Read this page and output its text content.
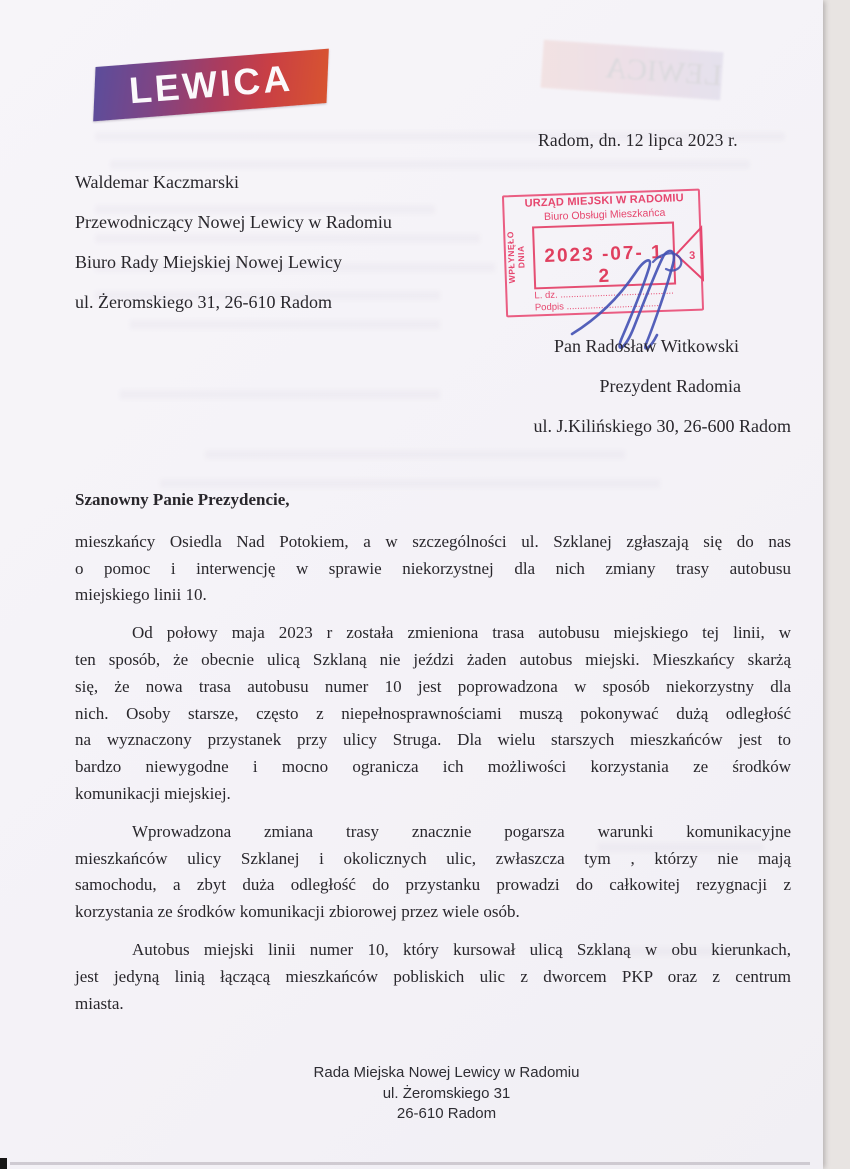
LEWICA
LEWICA
Radom, dn. 12 lipca 2023 r.
Waldemar Kaczmarski
Przewodniczący Nowej Lewicy w Radomiu
Biuro Rady Miejskiej Nowej Lewicy
ul. Żeromskiego 31, 26-610 Radom
URZĄD MIEJSKI W RADOMIU
Biuro Obsługi Mieszkańca
WPŁYNĘŁO
DNIA 2023 -07- 1 2
3
L. dz. ...........................................
Podpis ....................................
Pan Radosław Witkowski
Prezydent Radomia
ul. J.Kilińskiego 30, 26-600 Radom
Szanowny Panie Prezydencie,
mieszkańcy Osiedla Nad Potokiem, a w szczególności ul. Szklanej zgłaszają się do nas
o pomoc i interwencję w sprawie niekorzystnej dla nich zmiany trasy autobusu
miejskiego linii 10.
Od połowy maja 2023 r została zmieniona trasa autobusu miejskiego tej linii, w
ten sposób, że obecnie ulicą Szklaną nie jeździ żaden autobus miejski. Mieszkańcy skarżą
się, że nowa trasa autobusu numer 10 jest poprowadzona w sposób niekorzystny dla
nich. Osoby starsze, często z niepełnosprawnościami muszą pokonywać dużą odległość
na wyznaczony przystanek przy ulicy Struga. Dla wielu starszych mieszkańców jest to
bardzo niewygodne i mocno ogranicza ich możliwości korzystania ze środków
komunikacji miejskiej.
Wprowadzona zmiana trasy znacznie pogarsza warunki komunikacyjne
mieszkańców ulicy Szklanej i okolicznych ulic, zwłaszcza tym , którzy nie mają
samochodu, a zbyt duża odległość do przystanku prowadzi do całkowitej rezygnacji z
korzystania ze środków komunikacji zbiorowej przez wiele osób.
Autobus miejski linii numer 10, który kursował ulicą Szklaną w obu kierunkach,
jest jedyną linią łączącą mieszkańców pobliskich ulic z dworcem PKP oraz z centrum
miasta.
Rada Miejska Nowej Lewicy w Radomiu
ul. Żeromskiego 31
26-610 Radom
